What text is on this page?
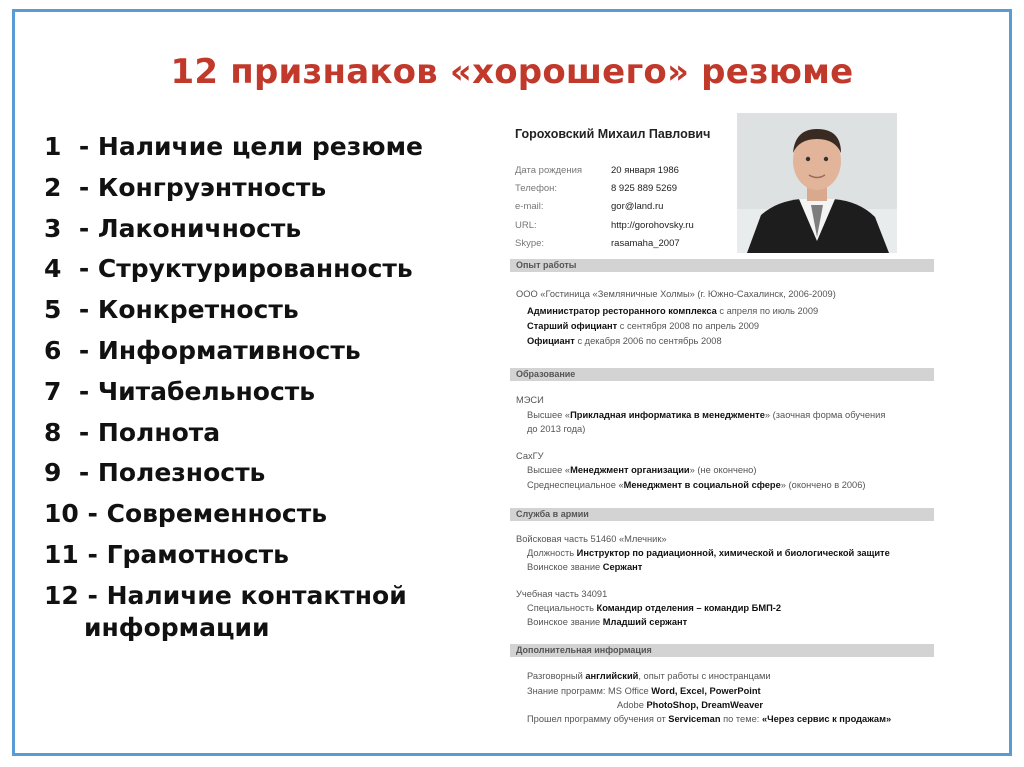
12 признаков «хорошего» резюме
1  - Наличие цели резюме
2  - Конгруэнтность
3  - Лаконичность
4  - Структурированность
5  - Конкретность
6  - Информативность
7  - Читабельность
8  - Полнота
9  - Полезность
10 - Современность
11 - Грамотность
12 - Наличие контактной
информации
Гороховский Михаил Павлович
Дата рождения	20 января 1986
Телефон:	8 925 889 5269
e-mail:	gor@land.ru
URL:	http://gorohovsky.ru
Skype:	rasamaha_2007
Опыт работы
ООО «Гостиница «Земляничные Холмы» (г. Южно-Сахалинск, 2006-2009)
Администратор ресторанного комплекса с апреля по июль 2009
Старший официант с сентября 2008 по апрель 2009
Официант с декабря 2006 по сентябрь 2008
Образование
МЭСИ
Высшее «Прикладная информатика в менеджменте» (заочная форма обучения
до 2013 года)
СахГУ
Высшее «Менеджмент организации» (не окончено)
Среднеспециальное «Менеджмент в социальной сфере» (окончено в 2006)
Служба в армии
Войсковая часть 51460 «Млечник»
Должность Инструктор по радиационной, химической и биологической защите
Воинское звание Сержант
Учебная часть 34091
Специальность Командир отделения – командир БМП-2
Воинское звание Младший сержант
Дополнительная информация
Разговорный английский, опыт работы с иностранцами
Знание программ: MS Office Word, Excel, PowerPoint
Adobe PhotoShop, DreamWeaver
Прошел программу обучения от Serviceman по теме: «Через сервис к продажам»
